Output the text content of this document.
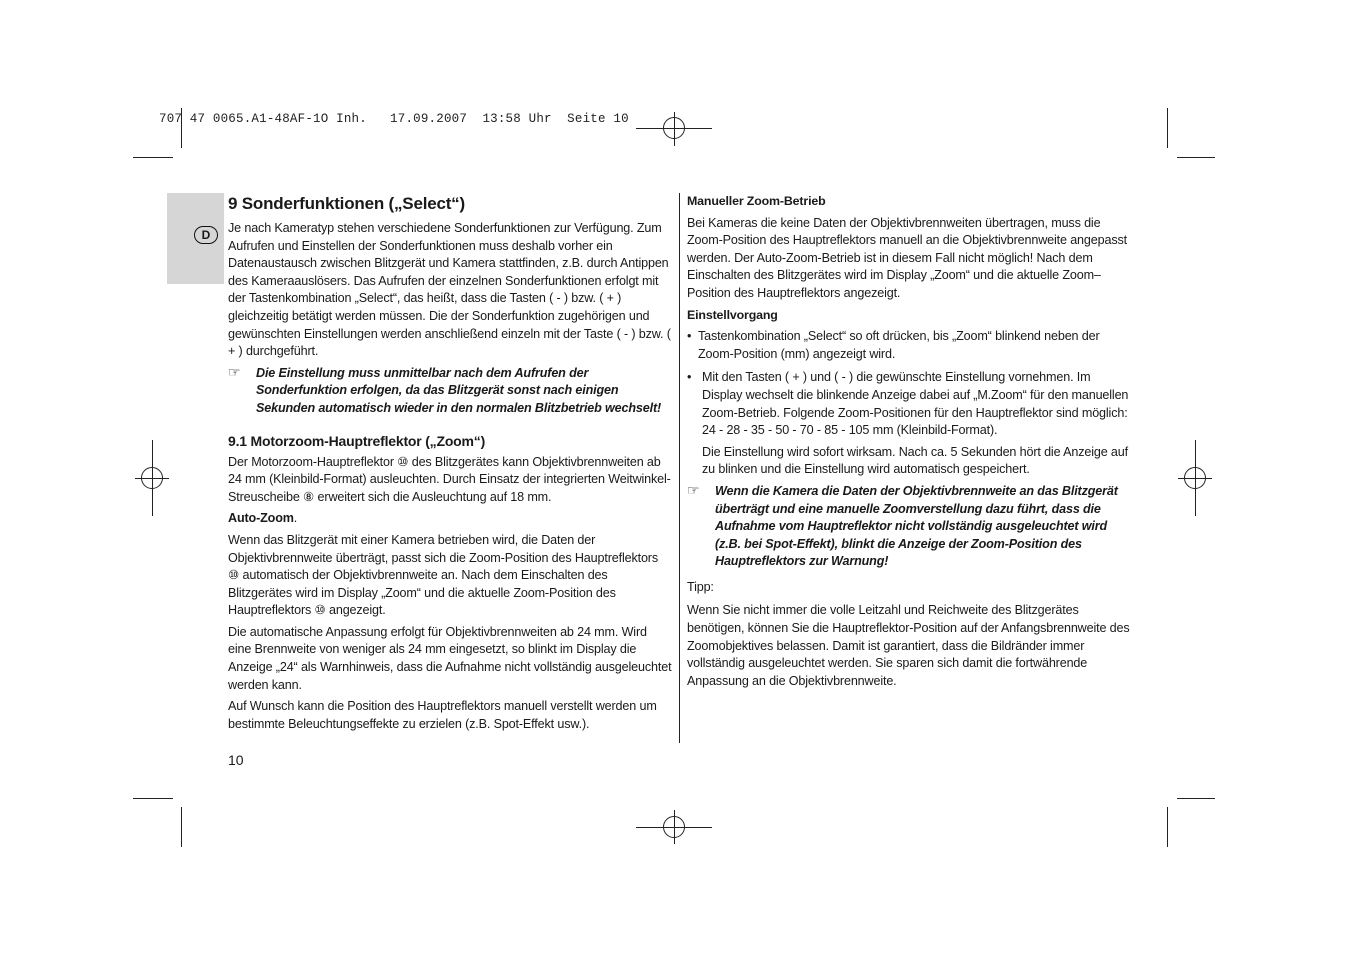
707 47 0065.A1-48AF-1O Inh.   17.09.2007  13:58 Uhr  Seite 10
D
9 Sonderfunktionen („Select“)

Je nach Kameratyp stehen verschiedene Sonderfunktionen zur Verfügung. Zum Aufrufen und Einstellen der Sonderfunktionen muss deshalb vorher ein Datenaustausch zwischen Blitzgerät und Kamera stattfinden, z.B. durch Antippen des Kameraauslösers. Das Aufrufen der einzelnen Sonderfunktionen erfolgt mit der Tastenkombination „Select“, das heißt, dass die Tasten ( - ) bzw. ( + ) gleichzeitig betätigt werden müssen. Die der Sonderfunktion zugehörigen und gewünschten Einstellungen werden anschließend einzeln mit der Taste ( - ) bzw. ( + ) durchgeführt.

☞ Die Einstellung muss unmittelbar nach dem Aufrufen der Sonderfunktion erfolgen, da das Blitzgerät sonst nach einigen Sekunden automatisch wieder in den normalen Blitzbetrieb wechselt!
9.1 Motorzoom-Hauptreflektor („Zoom“)

Der Motorzoom-Hauptreflektor ⑩ des Blitzgerätes kann Objektivbrennweiten ab 24 mm (Kleinbild-Format) ausleuchten. Durch Einsatz der integrierten Weitwinkel-Streuscheibe ⑧ erweitert sich die Ausleuchtung auf 18 mm.

Auto-Zoom.

Wenn das Blitzgerät mit einer Kamera betrieben wird, die Daten der Objektivbrennweite überträgt, passt sich die Zoom-Position des Hauptreflektors ⑩ automatisch der Objektivbrennweite an. Nach dem Einschalten des Blitzgerätes wird im Display „Zoom“ und die aktuelle Zoom-Position des Hauptreflektors ⑩ angezeigt.

Die automatische Anpassung erfolgt für Objektivbrennweiten ab 24 mm. Wird eine Brennweite von weniger als 24 mm eingesetzt, so blinkt im Display die Anzeige „24“ als Warnhinweis, dass die Aufnahme nicht vollständig ausgeleuchtet werden kann.

Auf Wunsch kann die Position des Hauptreflektors manuell verstellt werden um bestimmte Beleuchtungseffekte zu erzielen (z.B. Spot-Effekt usw.).

Manueller Zoom-Betrieb

Bei Kameras die keine Daten der Objektivbrennweiten übertragen, muss die Zoom-Position des Hauptreflektors manuell an die Objektivbrennweite angepasst werden. Der Auto-Zoom-Betrieb ist in diesem Fall nicht möglich! Nach dem Einschalten des Blitzgerätes wird im Display „Zoom“ und die aktuelle Zoom–Position des Hauptreflektors angezeigt.

Einstellvorgang

• Tastenkombination „Select“ so oft drücken, bis „Zoom“ blinkend neben der Zoom-Position (mm) angezeigt wird.
• Mit den Tasten ( + ) und ( - ) die gewünschte Einstellung vornehmen. Im Display wechselt die blinkende Anzeige dabei auf „M.Zoom“ für den manuellen Zoom-Betrieb. Folgende Zoom-Positionen für den Hauptreflektor sind möglich: 24 - 28 - 35 - 50 - 70 - 85 - 105 mm (Kleinbild-Format).

Die Einstellung wird sofort wirksam. Nach ca. 5 Sekunden hört die Anzeige auf zu blinken und die Einstellung wird automatisch gespeichert.

☞ Wenn die Kamera die Daten der Objektivbrennweite an das Blitzgerät überträgt und eine manuelle Zoomverstellung dazu führt, dass die Aufnahme vom Hauptreflektor nicht vollständig ausgeleuchtet wird (z.B. bei Spot-Effekt), blinkt die Anzeige der Zoom-Position des Hauptreflektors zur Warnung!

Tipp:

Wenn Sie nicht immer die volle Leitzahl und Reichweite des Blitzgerätes benötigen, können Sie die Hauptreflektor-Position auf der Anfangsbrennweite des Zoomobjektives belassen. Damit ist garantiert, dass die Bildränder immer vollständig ausgeleuchtet werden. Sie sparen sich damit die fortwährende Anpassung an die Objektivbrennweite.

10
